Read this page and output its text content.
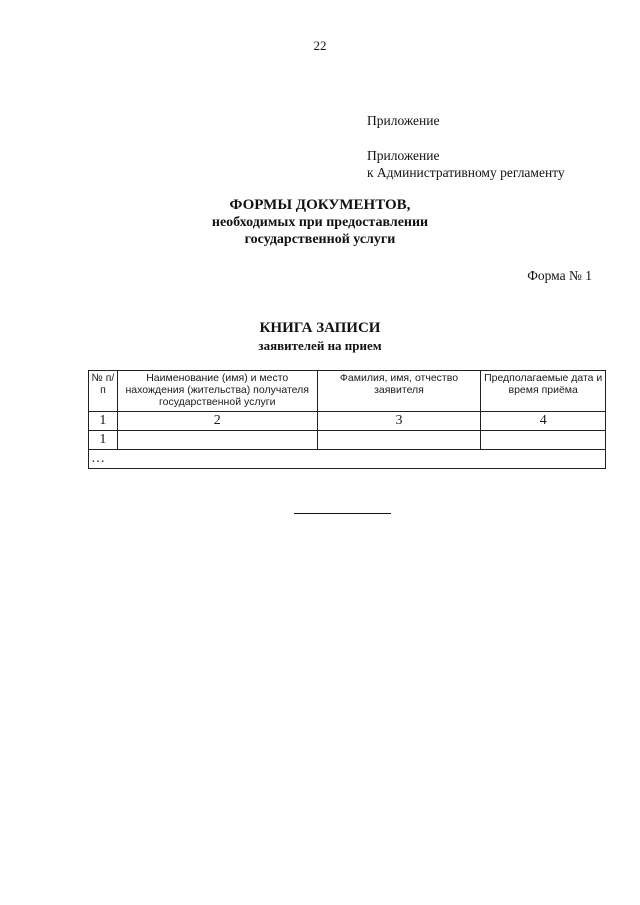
22
Приложение
Приложение
к Административному регламенту
ФОРМЫ ДОКУМЕНТОВ,
необходимых при предоставлении
государственной услуги
Форма № 1
КНИГА ЗАПИСИ
заявителей на прием
№ п/п	Наименование (имя) и место нахождения (жительства) получателя государственной услуги	Фамилия, имя, отчество заявителя	Предполагаемые дата и время приёма
1	2	3	4
1			
…			
